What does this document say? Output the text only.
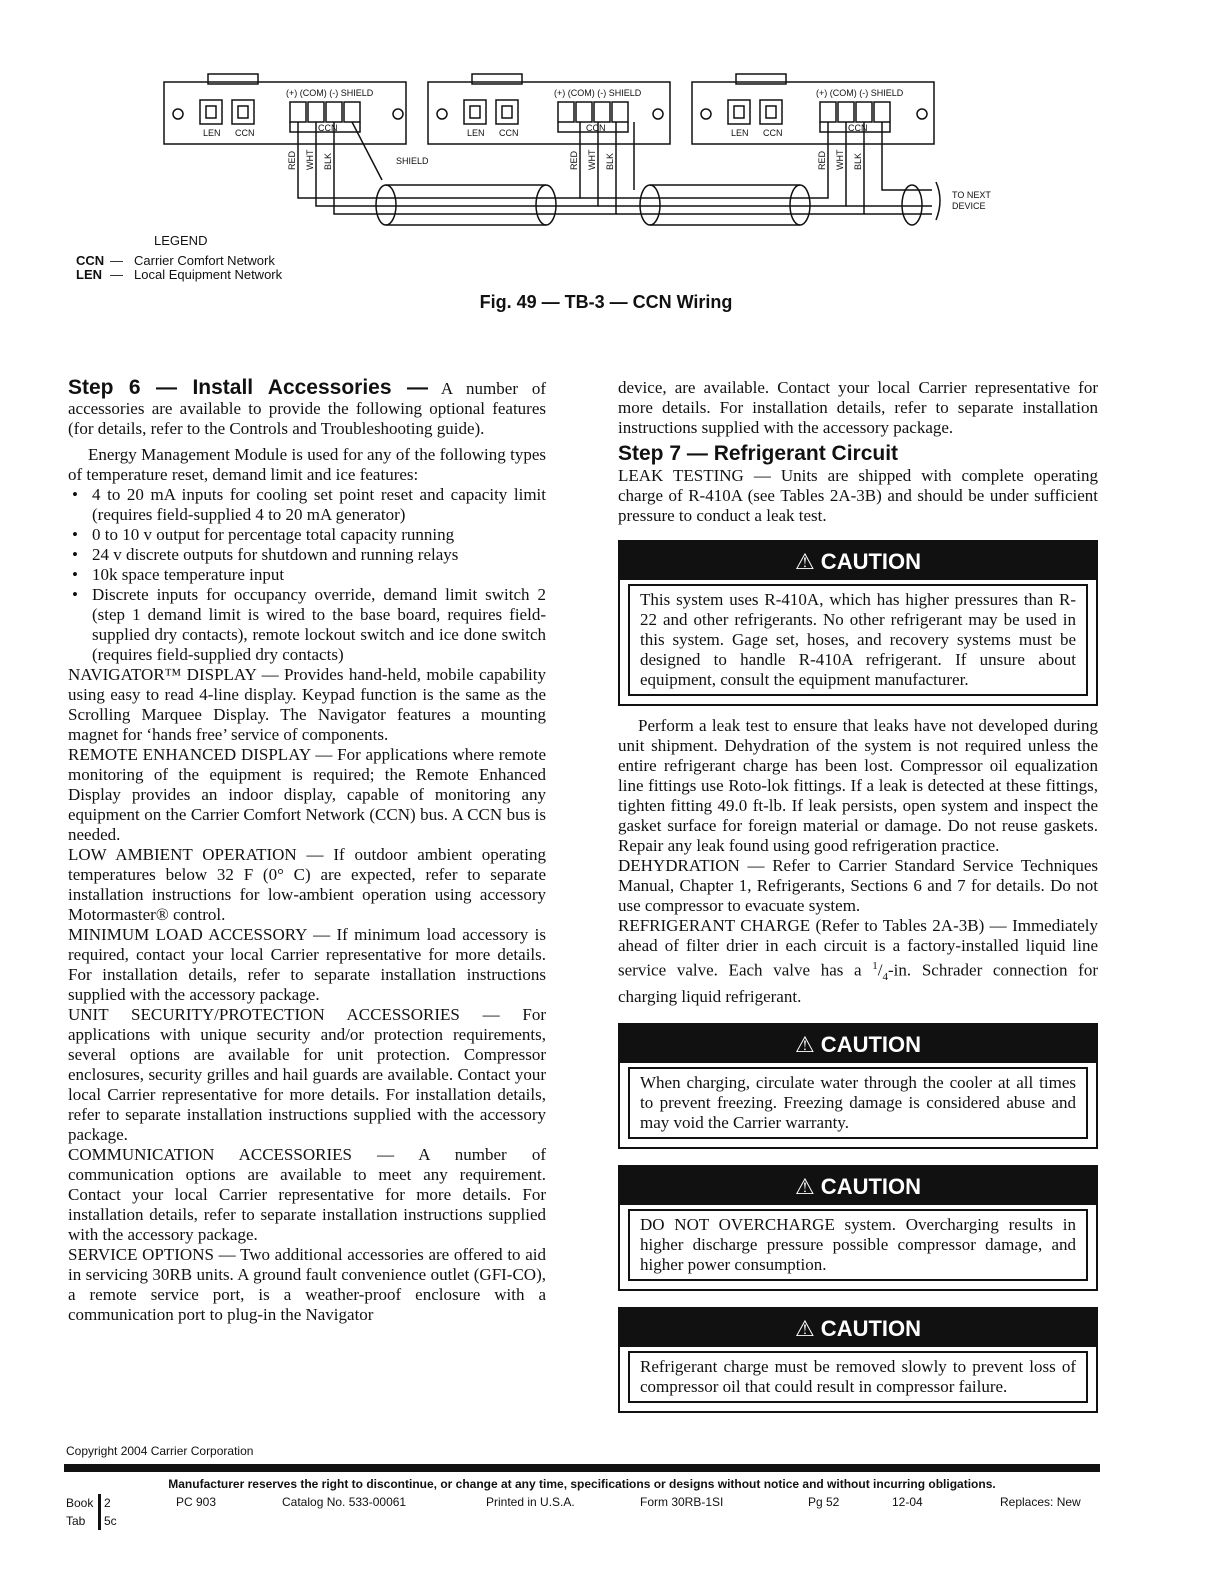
(+) (COM) (-) SHIELD	(+) (COM) (-) SHIELD	(+) (COM) (-) SHIELD
LEN CCN	LEN CCN	LEN CCN
CCN	CCN	CCN
RED WHT BLK	RED WHT BLK	RED WHT BLK
SHIELD
TO NEXT
DEVICE
LEGEND
CCN — Carrier Comfort Network
LEN — Local Equipment Network
Fig. 49 — TB-3 — CCN Wiring

Step 6 — Install Accessories — A number of accessories are available to provide the following optional features (for details, refer to the Controls and Troubleshooting guide).

Energy Management Module is used for any of the following types of temperature reset, demand limit and ice features:

• 4 to 20 mA inputs for cooling set point reset and capacity limit (requires field-supplied 4 to 20 mA generator)
• 0 to 10 v output for percentage total capacity running
• 24 v discrete outputs for shutdown and running relays
• 10k space temperature input
• Discrete inputs for occupancy override, demand limit switch 2 (step 1 demand limit is wired to the base board, requires field-supplied dry contacts), remote lockout switch and ice done switch (requires field-supplied dry contacts)

NAVIGATOR™ DISPLAY — Provides hand-held, mobile capability using easy to read 4-line display. Keypad function is the same as the Scrolling Marquee Display. The Navigator features a mounting magnet for ‘hands free’ service of components.

REMOTE ENHANCED DISPLAY — For applications where remote monitoring of the equipment is required; the Remote Enhanced Display provides an indoor display, capable of monitoring any equipment on the Carrier Comfort Network (CCN) bus. A CCN bus is needed.

LOW AMBIENT OPERATION — If outdoor ambient operating temperatures below 32 F (0° C) are expected, refer to separate installation instructions for low-ambient operation using accessory Motormaster® control.

MINIMUM LOAD ACCESSORY — If minimum load accessory is required, contact your local Carrier representative for more details. For installation details, refer to separate installation instructions supplied with the accessory package.

UNIT SECURITY/PROTECTION ACCESSORIES — For applications with unique security and/or protection requirements, several options are available for unit protection. Compressor enclosures, security grilles and hail guards are available. Contact your local Carrier representative for more details. For installation details, refer to separate installation instructions supplied with the accessory package.

COMMUNICATION ACCESSORIES — A number of communication options are available to meet any requirement. Contact your local Carrier representative for more details. For installation details, refer to separate installation instructions supplied with the accessory package.

SERVICE OPTIONS — Two additional accessories are offered to aid in servicing 30RB units. A ground fault convenience outlet (GFI-CO), a remote service port, is a weather-proof enclosure with a communication port to plug-in the Navigator

device, are available. Contact your local Carrier representative for more details. For installation details, refer to separate installation instructions supplied with the accessory package.

Step 7 — Refrigerant Circuit

LEAK TESTING — Units are shipped with complete operating charge of R-410A (see Tables 2A-3B) and should be under sufficient pressure to conduct a leak test.

⚠ CAUTION
This system uses R-410A, which has higher pressures than R-22 and other refrigerants. No other refrigerant may be used in this system. Gage set, hoses, and recovery systems must be designed to handle R-410A refrigerant. If unsure about equipment, consult the equipment manufacturer.

Perform a leak test to ensure that leaks have not developed during unit shipment. Dehydration of the system is not required unless the entire refrigerant charge has been lost. Compressor oil equalization line fittings use Roto-lok fittings. If a leak is detected at these fittings, tighten fitting 49.0 ft-lb. If leak persists, open system and inspect the gasket surface for foreign material or damage. Do not reuse gaskets. Repair any leak found using good refrigeration practice.

DEHYDRATION — Refer to Carrier Standard Service Techniques Manual, Chapter 1, Refrigerants, Sections 6 and 7 for details. Do not use compressor to evacuate system.

REFRIGERANT CHARGE (Refer to Tables 2A-3B) — Immediately ahead of filter drier in each circuit is a factory-installed liquid line service valve. Each valve has a $^1/_4-in$. Schrader connection for charging liquid refrigerant.

⚠ CAUTION
When charging, circulate water through the cooler at all times to prevent freezing. Freezing damage is considered abuse and may void the Carrier warranty.
⚠ CAUTION
DO NOT OVERCHARGE system. Overcharging results in higher discharge pressure possible compressor damage, and higher power consumption.
⚠ CAUTION
Refrigerant charge must be removed slowly to prevent loss of compressor oil that could result in compressor failure.
Copyright 2004 Carrier Corporation
Manufacturer reserves the right to discontinue, or change at any time, specifications or designs without notice and without incurring obligations.
Book 2
Tab	5c
PC 903	Catalog No. 533-00061	Printed in U.S.A.	Form 30RB-1SI	Pg 52	12-04	Replaces: New
